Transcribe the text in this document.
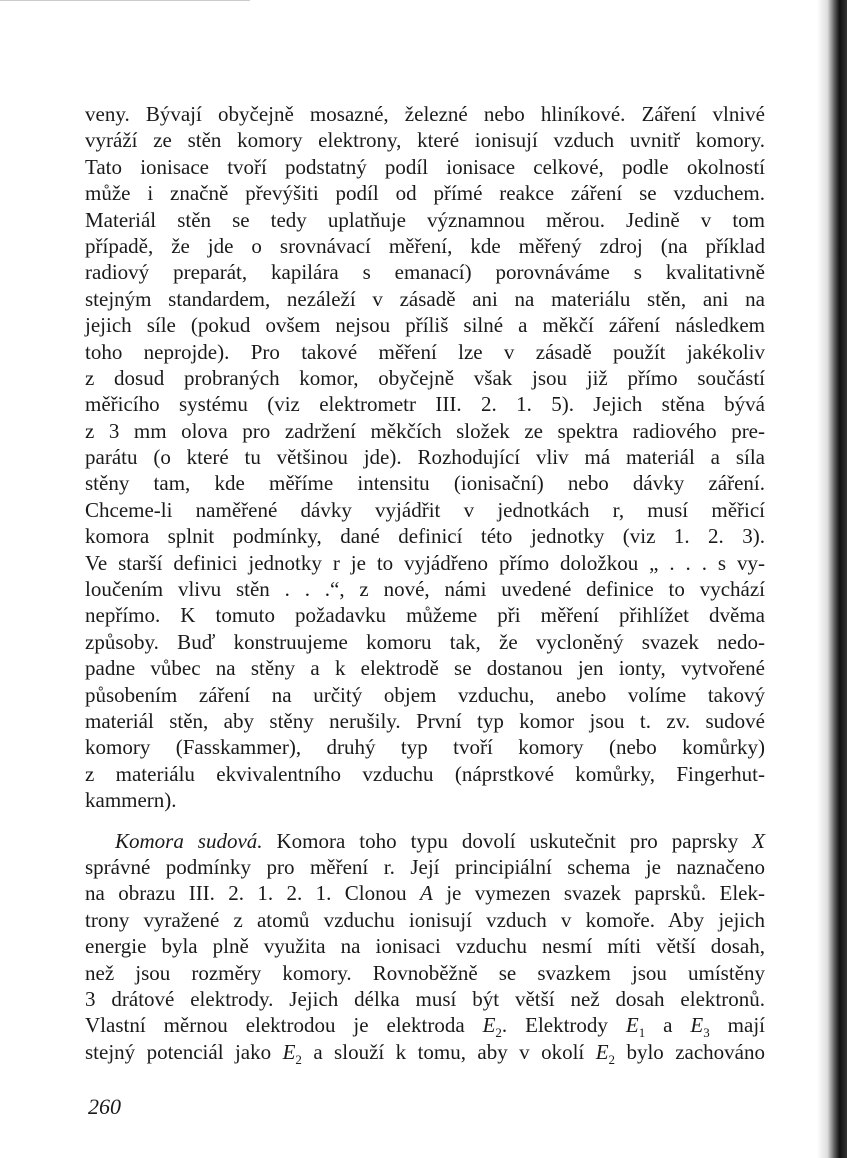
veny. Bývají obyčejně mosazné, železné nebo hliníkové. Záření vlnivé
vyráží ze stěn komory elektrony, které ionisují vzduch uvnitř komory.
Tato ionisace tvoří podstatný podíl ionisace celkové, podle okolností
může i značně převýšiti podíl od přímé reakce záření se vzduchem.
Materiál stěn se tedy uplatňuje významnou měrou. Jedině v tom
případě, že jde o srovnávací měření, kde měřený zdroj (na příklad
radiový preparát, kapilára s emanací) porovnáváme s kvalitativně
stejným standardem, nezáleží v zásadě ani na materiálu stěn, ani na
jejich síle (pokud ovšem nejsou příliš silné a měkčí záření následkem
toho neprojde). Pro takové měření lze v zásadě použít jakékoliv
z dosud probraných komor, obyčejně však jsou již přímo součástí
měřicího systému (viz elektrometr III. 2. 1. 5). Jejich stěna bývá
z 3 mm olova pro zadržení měkčích složek ze spektra radiového pre-
parátu (o které tu většinou jde). Rozhodující vliv má materiál a síla
stěny tam, kde měříme intensitu (ionisační) nebo dávky záření.
Chceme-li naměřené dávky vyjádřit v jednotkách r, musí měřicí
komora splnit podmínky, dané definicí této jednotky (viz 1. 2. 3).
Ve starší definici jednotky r je to vyjádřeno přímo doložkou „ . . . s vy-
loučením vlivu stěn . . .“, z nové, námi uvedené definice to vychází
nepřímo. K tomuto požadavku můžeme při měření přihlížet dvěma
způsoby. Buď konstruujeme komoru tak, že vycloněný svazek nedo-
padne vůbec na stěny a k elektrodě se dostanou jen ionty, vytvořené
působením záření na určitý objem vzduchu, anebo volíme takový
materiál stěn, aby stěny nerušily. První typ komor jsou t. zv. sudové
komory (Fasskammer), druhý typ tvoří komory (nebo komůrky)
z materiálu ekvivalentního vzduchu (náprstkové komůrky, Fingerhut-
kammern).
Komora sudová. Komora toho typu dovolí uskutečnit pro paprsky X
správné podmínky pro měření r. Její principiální schema je naznačeno
na obrazu III. 2. 1. 2. 1. Clonou A je vymezen svazek paprsků. Elek-
trony vyražené z atomů vzduchu ionisují vzduch v komoře. Aby jejich
energie byla plně využita na ionisaci vzduchu nesmí míti větší dosah,
než jsou rozměry komory. Rovnoběžně se svazkem jsou umístěny
3 drátové elektrody. Jejich délka musí být větší než dosah elektronů.
Vlastní měrnou elektrodou je elektroda $E_2$. Elektrody $E_1$ a $E_3$ mají
stejný potenciál jako $E_2$ a slouží k tomu, aby v okolí $E_2$ bylo zachováno
260
